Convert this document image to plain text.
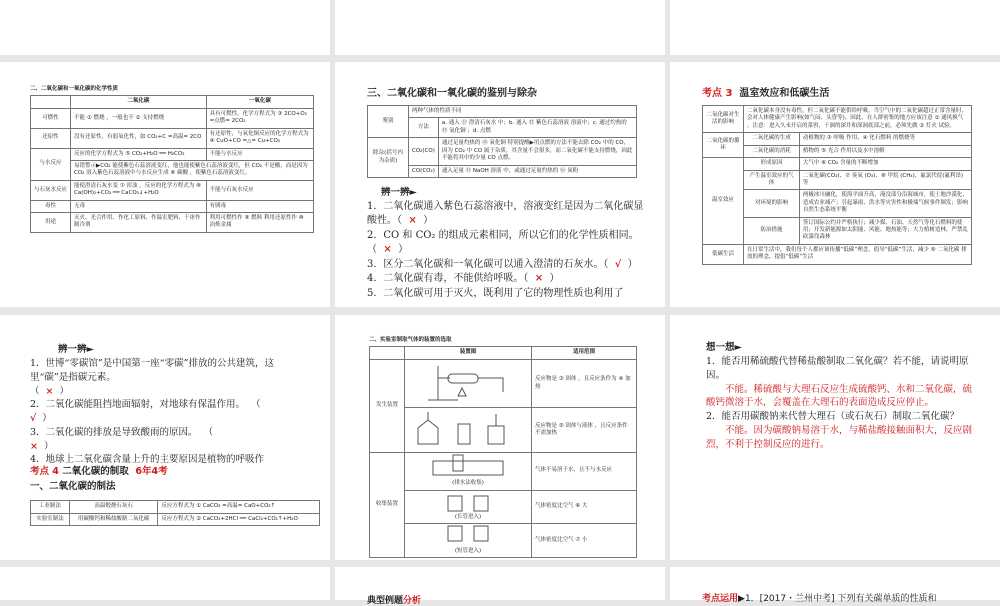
二、二氧化碳和一氧化碳的化学性质
	二氧化碳	一氧化碳
可燃性	不能 ① 燃烧 ，一般也不 ② 支持燃烧	具有可燃性，化学方程式为 ③ 2CO+O₂ =点燃= 2CO₂
还原性	没有还原性，有弱氧化性，如 CO₂+C =高温= 2CO	有还原性，与氧化铜反应的化学方程式为 ④ CuO+CO =△= Cu+CO₂
与水反应	反应的化学方程式为 ⑤ CO₂+H₂O ══ H₂CO₃	不能与水反应
	易错警示▶CO₂ 能使紫色石蕊溶液变红，他也能使紫色石蕊溶液变红，但 CO₂ 不是酸，而是因为 CO₂ 溶入紫色石蕊溶液中与水反应生成 ⑥ 碳酸 ，使紫色石蕊溶液变红。	
与石灰水反应	能使澄清石灰水变 ⑦ 浑浊 ，反应的化学方程式为 ⑧ Ca(OH)₂+CO₂ ══ CaCO₃↓+H₂O	不能与石灰水反应
毒性	无毒	有剧毒
用途	灭火、光合作用、作化工原料、作温室肥料、干冰作制冷剂	利用可燃性作 ⑨ 燃料 利用还原性作 ⑩ 冶炼金属
三、二氧化碳和一氧化碳的鉴别与除杂
鉴别	两种气体的性质不同	
	方法	a. 通入 ⑪ 澄清石灰水 中；b. 通入 ⑫ 紫色石蕊溶液 溶液中；c. 通过灼热的 ⑬ 氧化铜 ；d. 点燃
除杂(括号内为杂质)	CO₂(CO)	通过足量灼热的 ⑭ 氧化铜 特别提醒▶用点燃的方法不能去除 CO₂ 中的 CO，因为 CO₂ 中 CO 属于杂质，其含量不会很多，而二氧化碳不能支持燃烧，因此不能将其中的少量 CO 点燃。
	CO(CO₂)	通入足量 ⑮ NaOH 溶液 中，或通过足量灼热的 ⑯ 炭粉
辨一辨►
1．二氧化碳通入紫色石蕊溶液中，溶液变红是因为二氧化碳显酸性。（ ×  ）
2．CO 和 CO₂ 的组成元素相同，所以它们的化学性质相同。（ ×  ）
3．区分二氧化碳和一氧化碳可以通入澄清的石灰水。（ √  ）
4．二氧化碳有毒，不能供给呼吸。（ ×  ）
5．二氧化碳可用于灭火，既利用了它的物理性质也利用了
考点 3 温室效应和低碳生活
二氧化碳对生活的影响	二氧化碳本身没有毒性，但二氧化碳不能供给呼吸。当空气中的二氧化碳超过正常含量时，会对人体健康产生影响(如气闷、头昏等)。因此，在人群密集的地方应该注意 ① 通风换气 。注意：进入久未开启的菜窖、干涸的深井和深洞底部之前，必须先做 ② 灯火 试验。	
二氧化碳的循环	二氧化碳的生成	动植物的 ③ 呼吸 作用、④ 化石燃料 的燃烧等
	二氧化碳的消耗	植物的 ⑤ 光合 作用以及水中溶解
温室效应	形成原因	大气中 ⑥ CO₂ 含量的不断增加
	产生温室效应的气体	二氧化碳(CO₂)、⑦ 臭氧 (O₃)、⑧ 甲烷 (CH₄)、氟氯代烷(氟利昂)等
	对环境的影响	两极冰川融化，使海平面升高，淹没部分沿海城市，使土地沙漠化，造成农业减产；引起暴雨、洪水等灾害性和极端气候事件频发；影响自然生态系统平衡
	防治措施	签订国际公约并严格执行；减少煤、石油、天然气等化石燃料的使用；开发新能源如太阳能、风能、地热能等；大力植树造林，严禁乱砍滥伐森林
低碳生活	在日常生活中，我们每个人都应该传播“低碳”理念，倡导“低碳”生活，减少 ⑨ 二氧化碳 排放的理念，提倡“低碳”生活	
辨一辨►
1．世博“零碳馆”是中国第一座“零碳”排放的公共建筑，这里“碳”是指碳元素。
（  ×  ）
2．二氧化碳能阻挡地面辐射，对地球有保温作用。  （
√  ）
3．二氧化碳的排放是导致酸雨的原因。  （
×  ）
4．地球上二氧化碳含量上升的主要原因是植物的呼吸作
考点 4 二氧化碳的制取 6年4考
一、二氧化碳的制法
工业制法	高温煅烧石灰石	反应方程式为 ① CaCO₃ =高温= CaO+CO₂↑
实验室制法	用碳酸钙和稀盐酸制二氧化碳	反应方程式为 ② CaCO₃+2HCl ══ CaCl₂+CO₂↑+H₂O
二、实验室制取气体的装置的选取
	装置图	适用范围
发生装置		反应物是 ③ 固体 ，且反应条件为 ④ 加热
	反应物是 ⑤ 固体与液体 ，且反应条件不需加热
收集装置	(排水法收集)	气体不易溶于水，且不与水反应

	(长管进入)	气体密度比空气 ⑥ 大

	(短管进入)	气体密度比空气 ⑦ 小
想一想►
1．能否用稀硫酸代替稀盐酸制取二氧化碳？若不能，请说明原因。
不能。稀硫酸与大理石反应生成硫酸钙、水和二氧化碳，硫酸钙微溶于水，会覆盖在大理石的表面造成反应停止。
2．能否用碳酸钠来代替大理石（或石灰石）制取二氧化碳？
不能。因为碳酸钠易溶于水，与稀盐酸接触面积大，反应剧烈，不利于控制反应的进行。
典型例题分析	考点运用▶1．[2017・兰州中考] 下列有关碳单质的性质和
